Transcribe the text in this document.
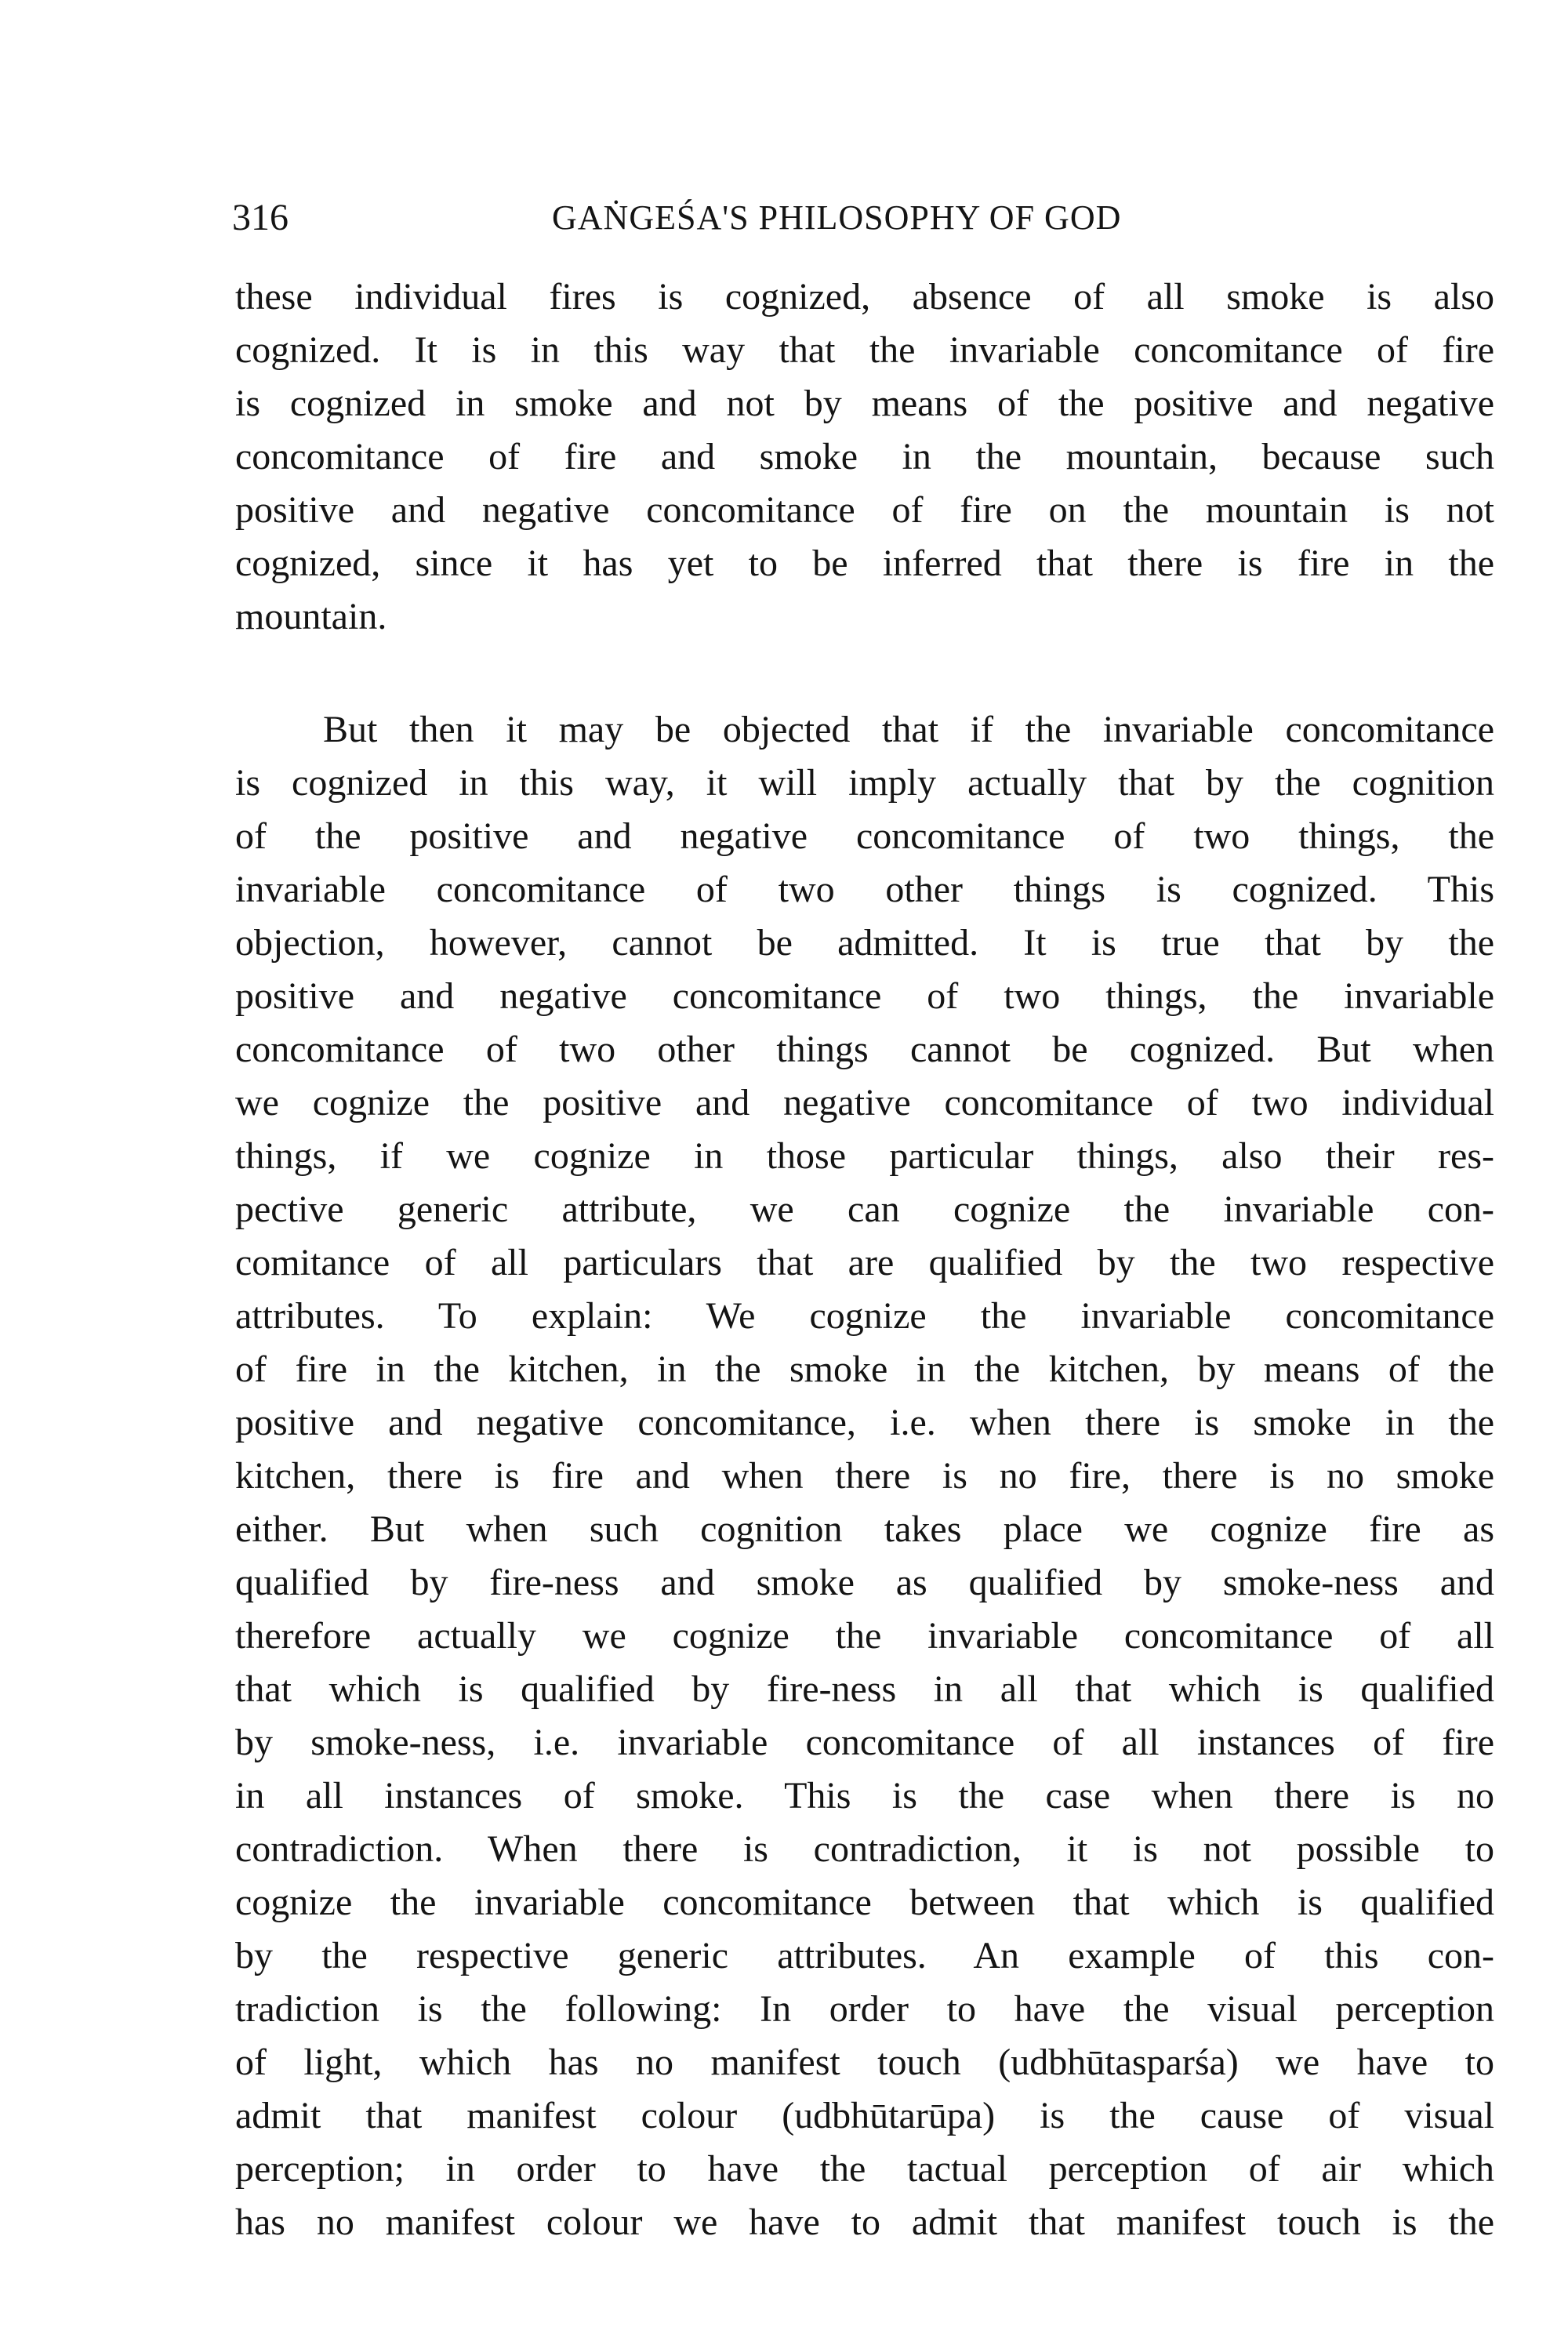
316	GAṄGEŚA'S PHILOSOPHY OF GOD

these individual fires is cognized, absence of all smoke is also
cognized. It is in this way that the invariable concomitance of fire
is cognized in smoke and not by means of the positive and negative
concomitance of fire and smoke in the mountain, because such
positive and negative concomitance of fire on the mountain is not
cognized, since it has yet to be inferred that there is fire in the
mountain.

But then it may be objected that if the invariable concomitance
is cognized in this way, it will imply actually that by the cognition
of the positive and negative concomitance of two things, the
invariable concomitance of two other things is cognized. This
objection, however, cannot be admitted. It is true that by the
positive and negative concomitance of two things, the invariable
concomitance of two other things cannot be cognized. But when
we cognize the positive and negative concomitance of two individual
things, if we cognize in those particular things, also their res-
pective generic attribute, we can cognize the invariable con-
comitance of all particulars that are qualified by the two respective
attributes. To explain: We cognize the invariable concomitance
of fire in the kitchen, in the smoke in the kitchen, by means of the
positive and negative concomitance, i.e. when there is smoke in the
kitchen, there is fire and when there is no fire, there is no smoke
either. But when such cognition takes place we cognize fire as
qualified by fire-ness and smoke as qualified by smoke-ness and
therefore actually we cognize the invariable concomitance of all
that which is qualified by fire-ness in all that which is qualified
by smoke-ness, i.e. invariable concomitance of all instances of fire
in all instances of smoke. This is the case when there is no
contradiction. When there is contradiction, it is not possible to
cognize the invariable concomitance between that which is qualified
by the respective generic attributes. An example of this con-
tradiction is the following: In order to have the visual perception
of light, which has no manifest touch (udbhūtasparśa) we have to
admit that manifest colour (udbhūtarūpa) is the cause of visual
perception; in order to have the tactual perception of air which
has no manifest colour we have to admit that manifest touch is the
